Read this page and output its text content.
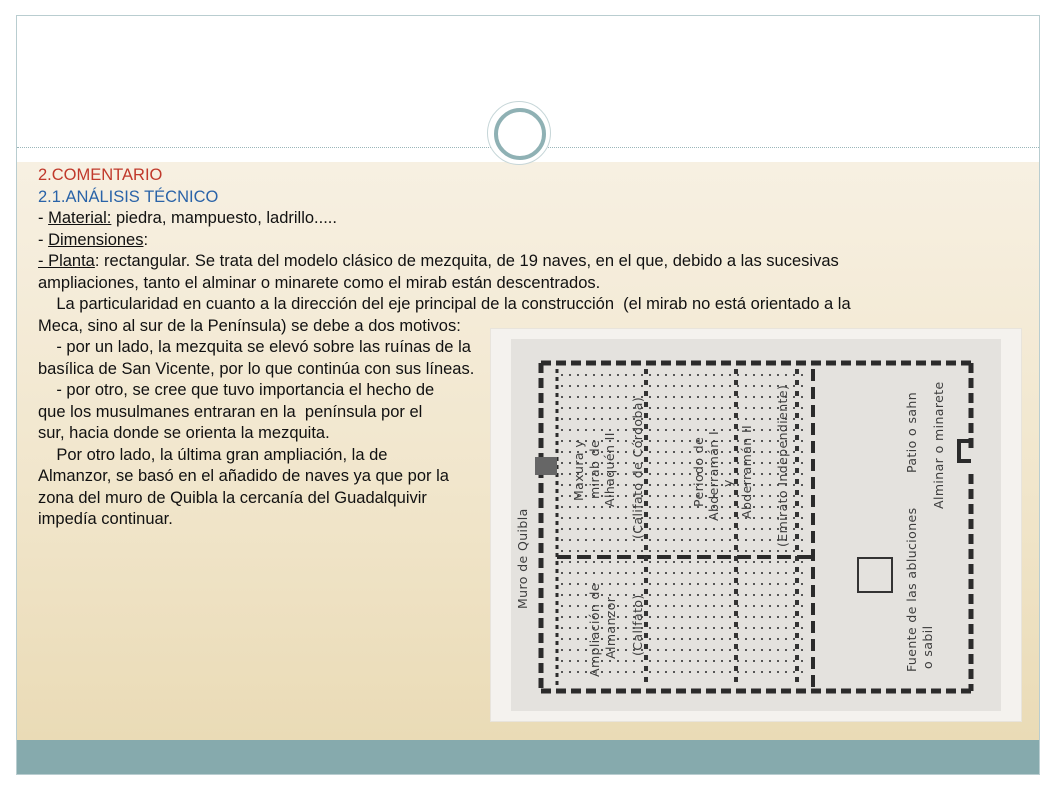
2.COMENTARIO
2.1.ANÁLISIS TÉCNICO
- Material: piedra, mampuesto, ladrillo.....
- Dimensiones:
- Planta: rectangular. Se trata del modelo clásico de mezquita, de 19 naves, en el que, debido a las sucesivas
ampliaciones, tanto el alminar o minarete como el mirab están descentrados.
La particularidad en cuanto a la dirección del eje principal de la construcción  (el mirab no está orientado a la
Meca, sino al sur de la Península) se debe a dos motivos:
- por un lado, la mezquita se elevó sobre las ruínas de la
basílica de San Vicente, por lo que continúa con sus líneas.
- por otro, se cree que tuvo importancia el hecho de
que los musulmanes entraran en la  península por el
sur, hacia donde se orienta la mezquita.
Por otro lado, la última gran ampliación, la de
Almanzor, se basó en el añadido de naves ya que por la
zona del muro de Quibla la cercanía del Guadalquivir
impedía continuar.	Muro de Quibla
Maxura y mirab de Alhaquén II (Califato de Córdoba)	Periodo de Abderramán I y Abderramán II (Emirato Independiente)	Patio o sahn Alminar o minarete
Fuente de las abluciones o sabil
Ampliación de Almanzor (Califato)
